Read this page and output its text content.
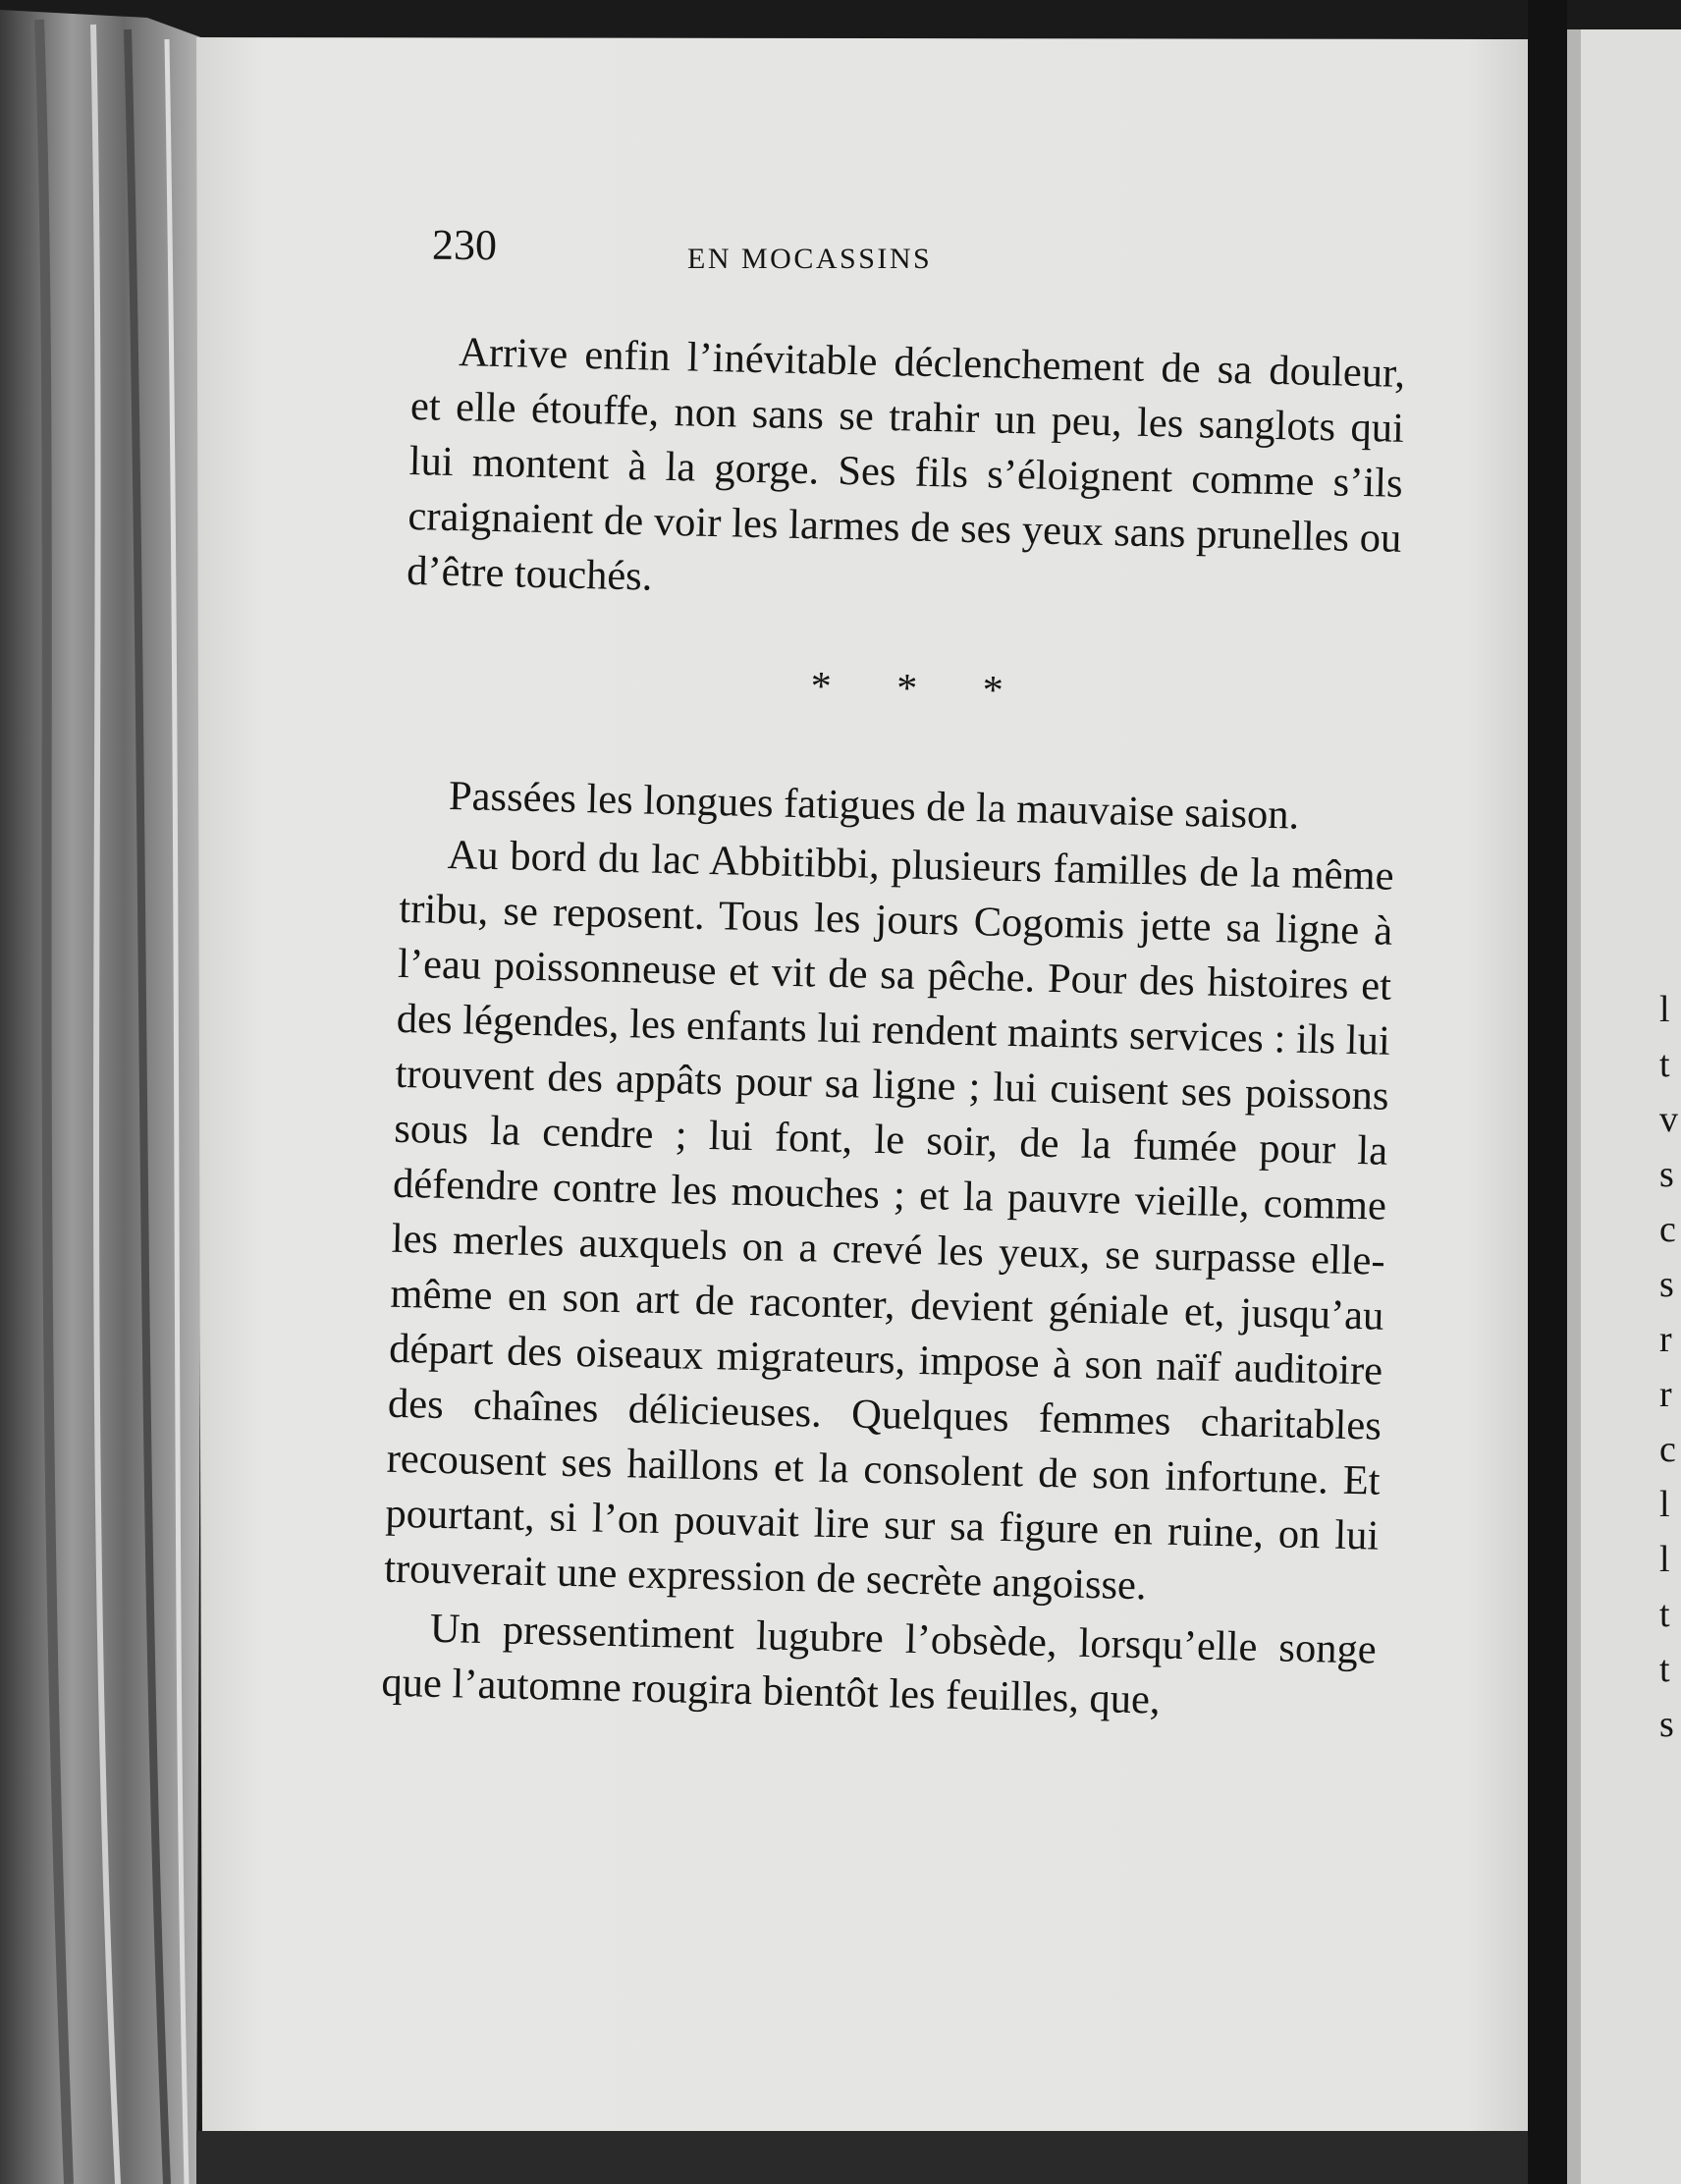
230	EN MOCASSINS

Arrive enfin l’inévitable déclenchement de sa douleur, et elle étouffe, non sans se trahir un peu, les sanglots qui lui montent à la gorge. Ses fils s’éloignent comme s’ils craignaient de voir les larmes de ses yeux sans prunelles ou d’être touchés.

* * *

Passées les longues fatigues de la mauvaise saison.

Au bord du lac Abbitibbi, plusieurs familles de la même tribu, se reposent. Tous les jours Cogomis jette sa ligne à l’eau poissonneuse et vit de sa pêche. Pour des histoires et des légendes, les enfants lui rendent maints services : ils lui trouvent des appâts pour sa ligne ; lui cuisent ses poissons sous la cendre ; lui font, le soir, de la fumée pour la défendre contre les mouches ; et la pauvre vieille, comme les merles auxquels on a crevé les yeux, se surpasse elle-même en son art de raconter, devient géniale et, jusqu’au départ des oiseaux migrateurs, impose à son naïf auditoire des chaînes délicieuses. Quelques femmes charitables recousent ses haillons et la consolent de son infortune. Et pourtant, si l’on pouvait lire sur sa figure en ruine, on lui trouverait une expression de secrète angoisse.

Un pressentiment lugubre l’obsède, lorsqu’elle songe que l’automne rougira bientôt les feuilles, que,

l
t
v
s
c
s
r
r
c
l
l
t
t
s
